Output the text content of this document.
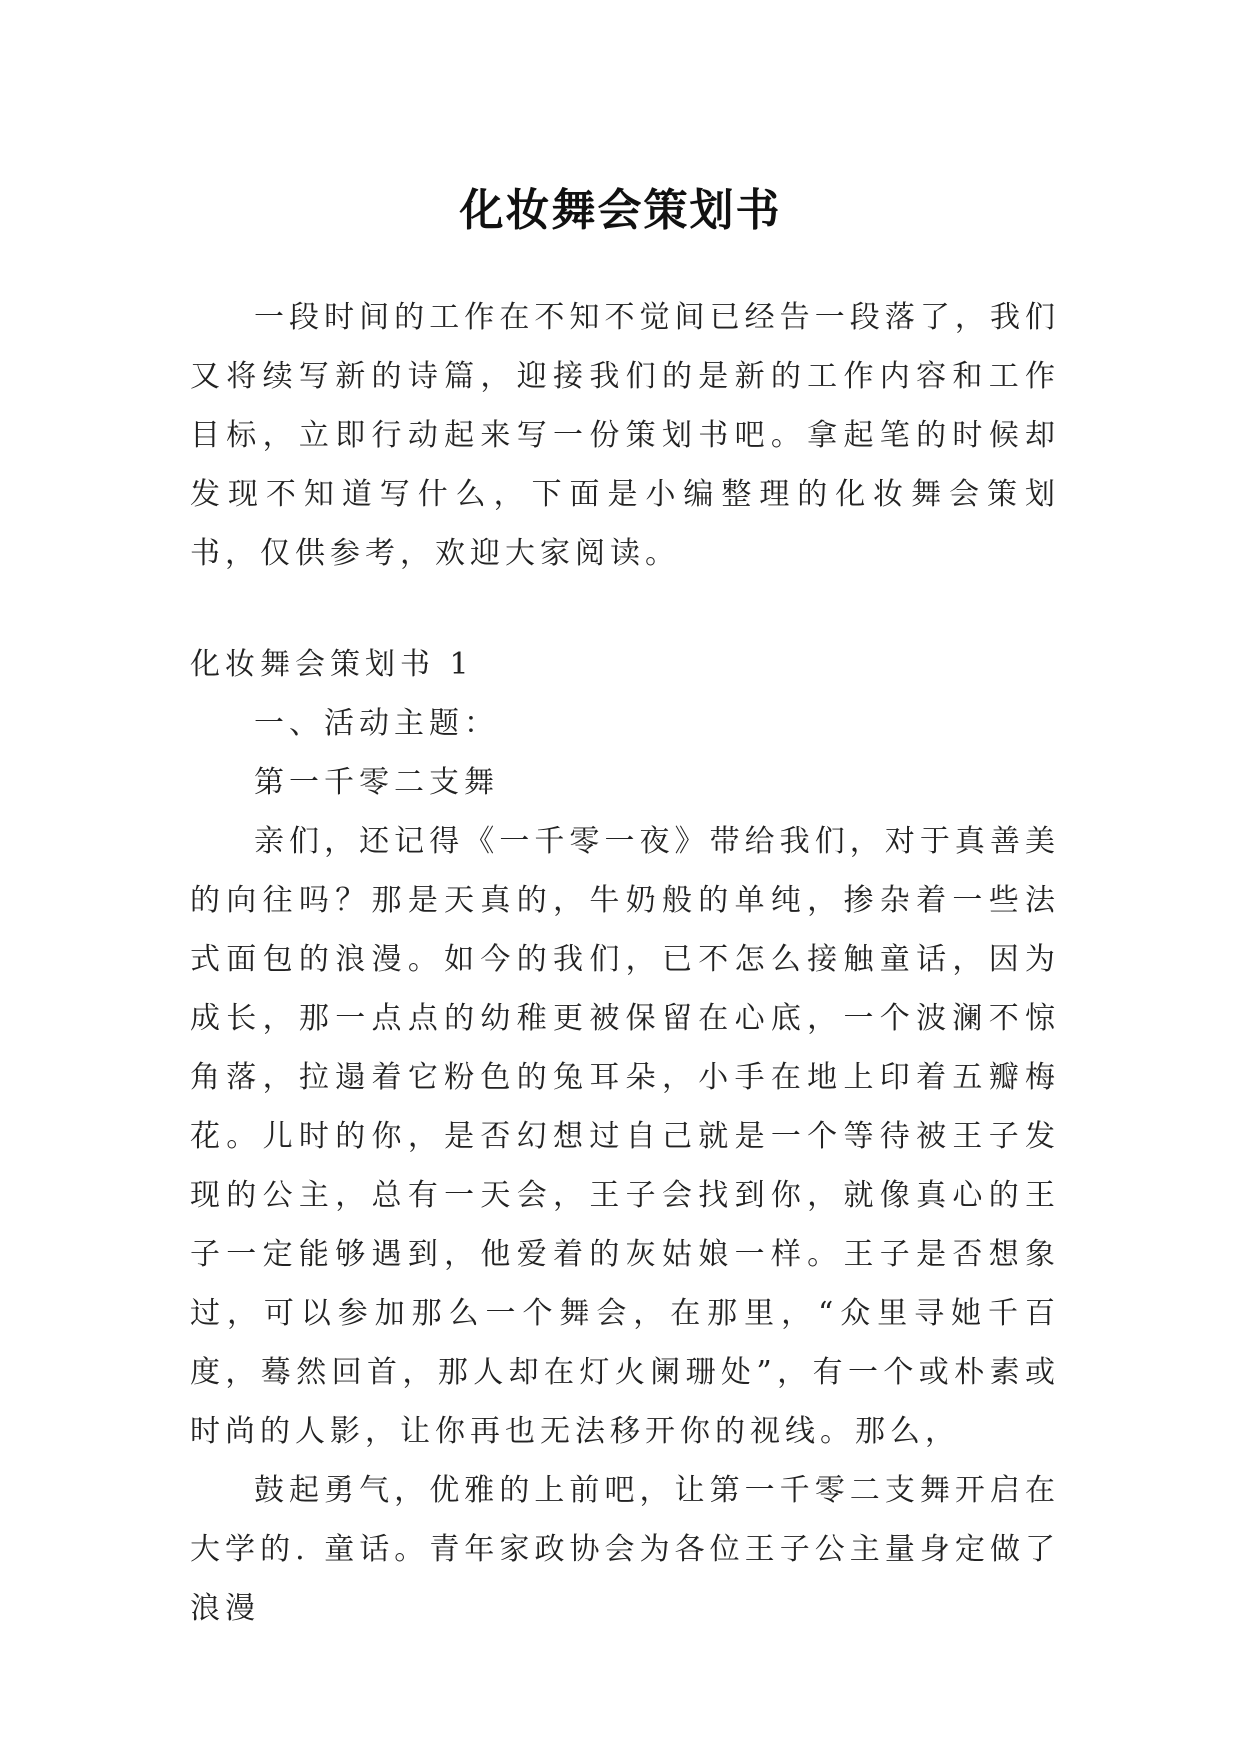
化妆舞会策划书

一段时间的工作在不知不觉间已经告一段落了，我们又将续写新的诗篇，迎接我们的是新的工作内容和工作目标，立即行动起来写一份策划书吧。拿起笔的时候却发现不知道写什么，下面是小编整理的化妆舞会策划书，仅供参考，欢迎大家阅读。

化妆舞会策划书 1

一、活动主题：

第一千零二支舞

亲们，还记得《一千零一夜》带给我们，对于真善美的向往吗？那是天真的，牛奶般的单纯，掺杂着一些法式面包的浪漫。如今的我们，已不怎么接触童话，因为成长，那一点点的幼稚更被保留在心底，一个波澜不惊角落，拉遢着它粉色的兔耳朵，小手在地上印着五瓣梅花。儿时的你，是否幻想过自己就是一个等待被王子发现的公主，总有一天会，王子会找到你，就像真心的王子一定能够遇到，他爱着的灰姑娘一样。王子是否想象过，可以参加那么一个舞会，在那里，“众里寻她千百度，蓦然回首，那人却在灯火阑珊处”，有一个或朴素或时尚的人影，让你再也无法移开你的视线。那么，

鼓起勇气，优雅的上前吧，让第一千零二支舞开启在大学的. 童话。青年家政协会为各位王子公主量身定做了浪漫
